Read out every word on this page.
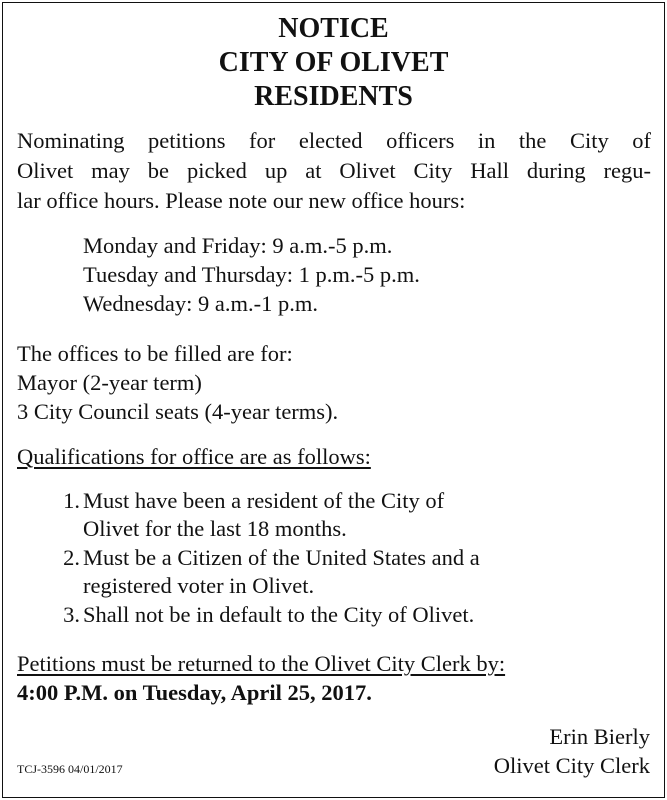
NOTICE
CITY OF OLIVET
RESIDENTS
Nominating petitions for elected officers in the City of
Olivet may be picked up at Olivet City Hall during regu-
lar office hours. Please note our new office hours:
Monday and Friday: 9 a.m.-5 p.m.
Tuesday and Thursday: 1 p.m.-5 p.m.
Wednesday: 9 a.m.-1 p.m.
The offices to be filled are for:
Mayor (2-year term)
3 City Council seats (4-year terms).
Qualifications for office are as follows:
1. Must have been a resident of the City of
Olivet for the last 18 months.
2. Must be a Citizen of the United States and a
registered voter in Olivet.
3. Shall not be in default to the City of Olivet.
Petitions must be returned to the Olivet City Clerk by:
4:00 P.M. on Tuesday, April 25, 2017.
Erin Bierly
Olivet City Clerk
TCJ-3596 04/01/2017
